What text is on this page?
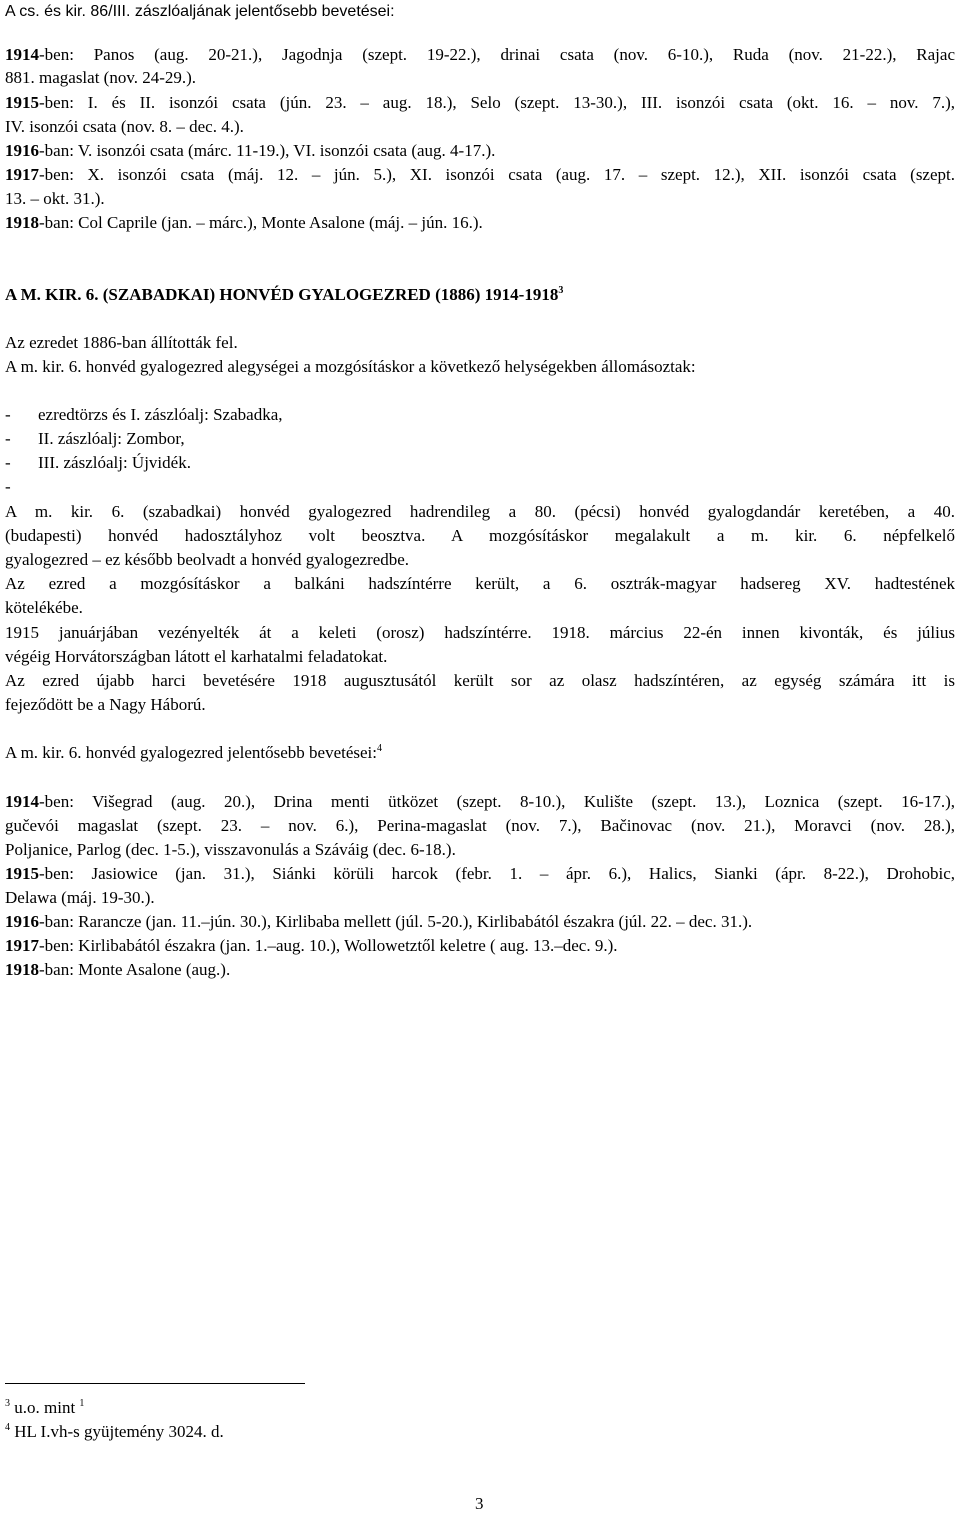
A cs. és kir. 86/III. zászlóaljának jelentősebb bevetései:
1914-ben: Panos (aug. 20-21.), Jagodnja (szept. 19-22.), drinai csata (nov. 6-10.), Ruda (nov. 21-22.), Rajac
881. magaslat (nov. 24-29.).
1915-ben: I. és II. isonzói csata (jún. 23. – aug. 18.), Selo (szept. 13-30.), III. isonzói csata (okt. 16. – nov. 7.),
IV. isonzói csata (nov. 8. – dec. 4.).
1916-ban: V. isonzói csata (márc. 11-19.), VI. isonzói csata (aug. 4-17.).
1917-ben: X. isonzói csata (máj. 12. – jún. 5.), XI. isonzói csata (aug. 17. – szept. 12.), XII. isonzói csata (szept.
13. – okt. 31.).
1918-ban: Col Caprile (jan. – márc.), Monte Asalone (máj. – jún. 16.).
A M. KIR. 6. (SZABADKAI) HONVÉD GYALOGEZRED (1886) 1914-1918$^3$
Az ezredet 1886-ban állították fel.
A m. kir. 6. honvéd gyalogezred alegységei a mozgósításkor a következő helységekben állomásoztak:
- ezredtörzs és I. zászlóalj: Szabadka,
- II. zászlóalj: Zombor,
- III. zászlóalj: Újvidék.
-
A m. kir. 6. (szabadkai) honvéd gyalogezred hadrendileg a 80. (pécsi) honvéd gyalogdandár keretében, a 40.
(budapesti) honvéd hadosztályhoz volt beosztva. A mozgósításkor megalakult a m. kir. 6. népfelkelő
gyalogezred – ez később beolvadt a honvéd gyalogezredbe.
Az ezred a mozgósításkor a balkáni hadszíntérre került, a 6. osztrák-magyar hadsereg XV. hadtestének
kötelékébe.
1915 januárjában vezényelték át a keleti (orosz) hadszíntérre. 1918. március 22-én innen kivonták, és július
végéig Horvátországban látott el karhatalmi feladatokat.
Az ezred újabb harci bevetésére 1918 augusztusától került sor az olasz hadszíntéren, az egység számára itt is
fejeződött be a Nagy Háború.
A m. kir. 6. honvéd gyalogezred jelentősebb bevetései:$^4$
1914-ben: Višegrad (aug. 20.), Drina menti ütközet (szept. 8-10.), Kulište (szept. 13.), Loznica (szept. 16-17.),
gučevói magaslat (szept. 23. – nov. 6.), Perina-magaslat (nov. 7.), Bačinovac (nov. 21.), Moravci (nov. 28.),
Poljanice, Parlog (dec. 1-5.), visszavonulás a Száváig (dec. 6-18.).
1915-ben: Jasiowice (jan. 31.), Siánki körüli harcok (febr. 1. – ápr. 6.), Halics, Sianki (ápr. 8-22.), Drohobic,
Delawa (máj. 19-30.).
1916-ban: Rarancze (jan. 11.–jún. 30.), Kirlibaba mellett (júl. 5-20.), Kirlibabától északra (júl. 22. – dec. 31.).
1917-ben: Kirlibabától északra (jan. 1.–aug. 10.), Wollowetztől keletre ( aug. 13.–dec. 9.).
1918-ban: Monte Asalone (aug.).
$^3$ u.o. mint $^1$
$^4$ HL I.vh-s gyüjtemény 3024. d.
3
